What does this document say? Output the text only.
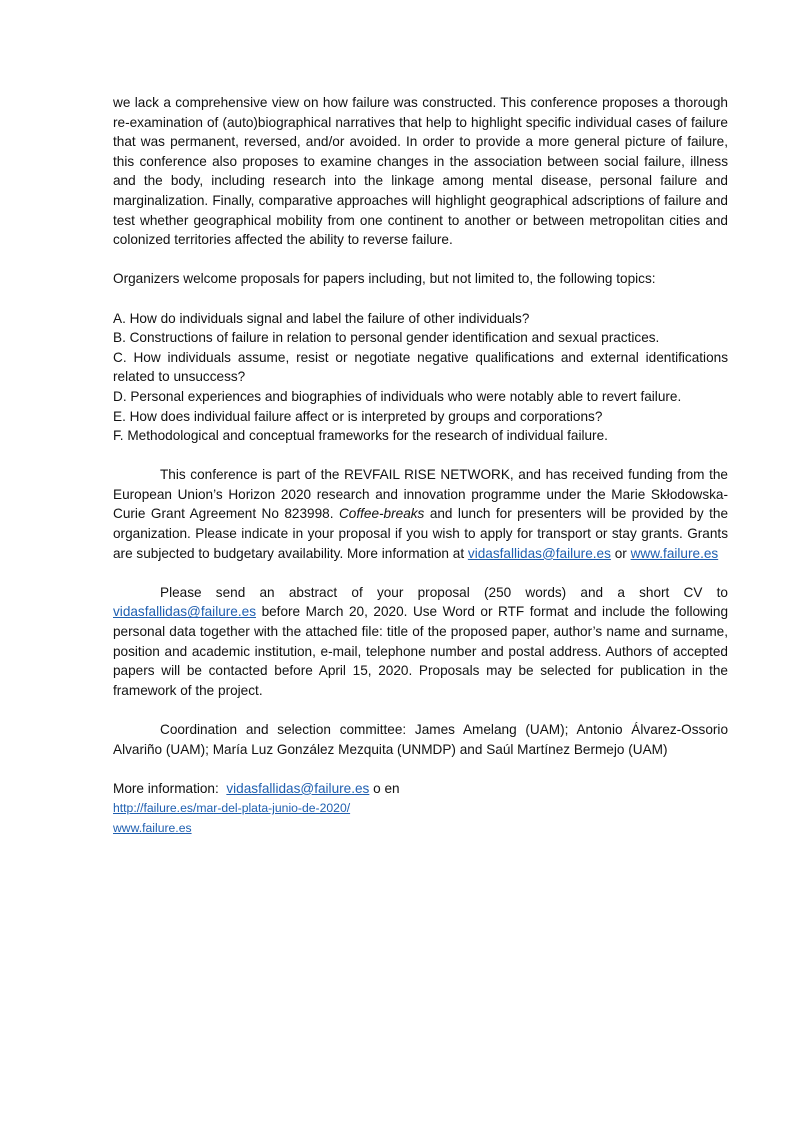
we lack a comprehensive view on how failure was constructed. This conference proposes a thorough re-examination of (auto)biographical narratives that help to highlight specific individual cases of failure that was permanent, reversed, and/or avoided. In order to provide a more general picture of failure, this conference also proposes to examine changes in the association between social failure, illness and the body, including research into the linkage among mental disease, personal failure and marginalization. Finally, comparative approaches will highlight geographical adscriptions of failure and test whether geographical mobility from one continent to another or between metropolitan cities and colonized territories affected the ability to reverse failure.

Organizers welcome proposals for papers including, but not limited to, the following topics:

A. How do individuals signal and label the failure of other individuals?

B. Constructions of failure in relation to personal gender identification and sexual practices.

C. How individuals assume, resist or negotiate negative qualifications and external identifications related to unsuccess?

D. Personal experiences and biographies of individuals who were notably able to revert failure.

E. How does individual failure affect or is interpreted by groups and corporations?

F. Methodological and conceptual frameworks for the research of individual failure.

This conference is part of the REVFAIL RISE NETWORK, and has received funding from the European Union’s Horizon 2020 research and innovation programme under the Marie Skłodowska-Curie Grant Agreement No 823998. Coffee-breaks and lunch for presenters will be provided by the organization. Please indicate in your proposal if you wish to apply for transport or stay grants. Grants are subjected to budgetary availability. More information at vidasfallidas@failure.es or www.failure.es

Please send an abstract of your proposal (250 words) and a short CV to vidasfallidas@failure.es before March 20, 2020. Use Word or RTF format and include the following personal data together with the attached file: title of the proposed paper, author’s name and surname, position and academic institution, e-mail, telephone number and postal address. Authors of accepted papers will be contacted before April 15, 2020. Proposals may be selected for publication in the framework of the project.

Coordination and selection committee: James Amelang (UAM); Antonio Álvarez-Ossorio Alvariño (UAM); María Luz González Mezquita (UNMDP) and Saúl Martínez Bermejo (UAM)

More information: vidasfallidas@failure.es o en
http://failure.es/mar-del-plata-junio-de-2020/
www.failure.es
